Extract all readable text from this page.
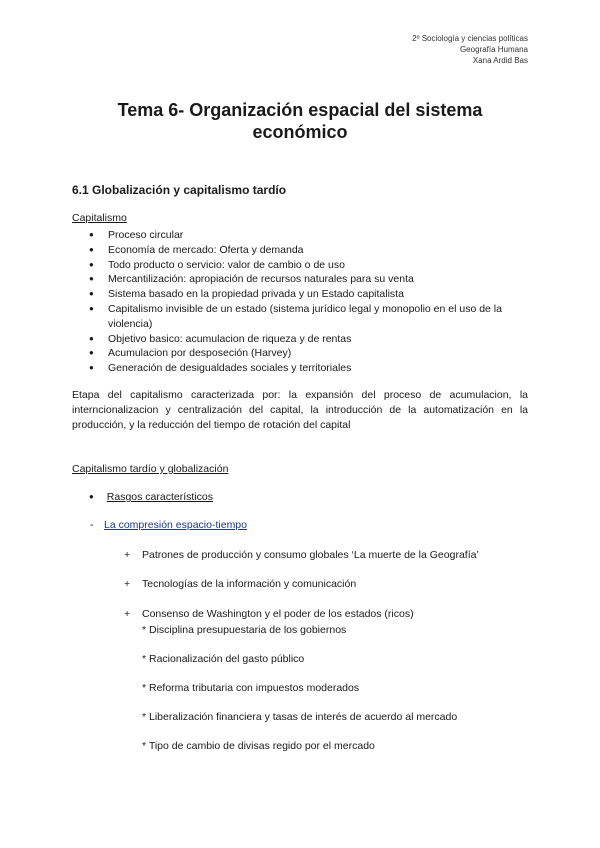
2º Sociología y ciencias políticas
Geografía Humana
Xana Ardid Bas
Tema 6- Organización espacial del sistema
económico
6.1 Globalización y capitalismo tardío
Capitalismo
● Proceso circular
● Economía de mercado: Oferta y demanda
● Todo producto o servicio: valor de cambio o de uso
● Mercantilización: apropiación de recursos naturales para su venta
● Sistema basado en la propiedad privada y un Estado capitalista
● Capitalismo invisible de un estado (sistema jurídico legal y monopolio en el uso de la violencia)
● Objetivo basico: acumulacion de riqueza y de rentas
● Acumulacion por desposeción (Harvey)
● Generación de desigualdades sociales y territoriales

Etapa del capitalismo caracterizada por: la expansión del proceso de acumulacion, la interncionalizacion y centralización del capital, la introducción de la automatización en la producción, y la reducción del tiempo de rotación del capital

Capitalismo tardío y globalización
● Rasgos característicos
- La compresión espacio-tiempo
+ Patrones de producción y consumo globales ‘La muerte de la Geografía’
+ Tecnologías de la información y comunicación
+ Consenso de Washington y el poder de los estados (ricos)
* Disciplina presupuestaria de los gobiernos
* Racionalización del gasto público
* Reforma tributaria con impuestos moderados
* Liberalización financiera y tasas de interés de acuerdo al mercado
* Tipo de cambio de divisas regido por el mercado
